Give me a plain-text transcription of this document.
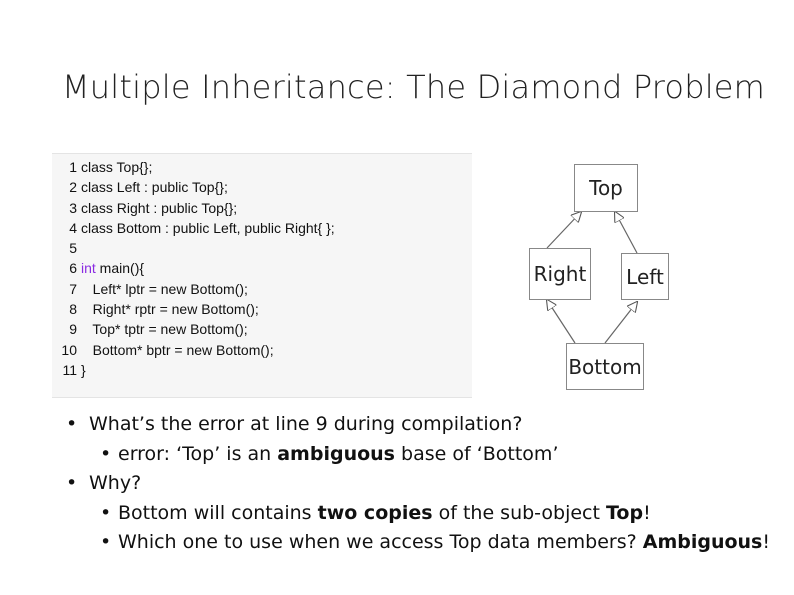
Multiple Inheritance: The Diamond Problem
1 class Top{};
2 class Left : public Top{};
3 class Right : public Top{};
4 class Bottom : public Left, public Right{ };
5
6 int main(){
7 Left* lptr = new Bottom();
8 Right* rptr = new Bottom();
9 Top* tptr = new Bottom();
10 Bottom* bptr = new Bottom();
11 }
Top
Right Left
Bottom
• What’s the error at line 9 during compilation?
• error: ‘Top’ is an ambiguous base of ‘Bottom’
• Why?
• Bottom will contains two copies of the sub-object Top!
• Which one to use when we access Top data members? Ambiguous!
